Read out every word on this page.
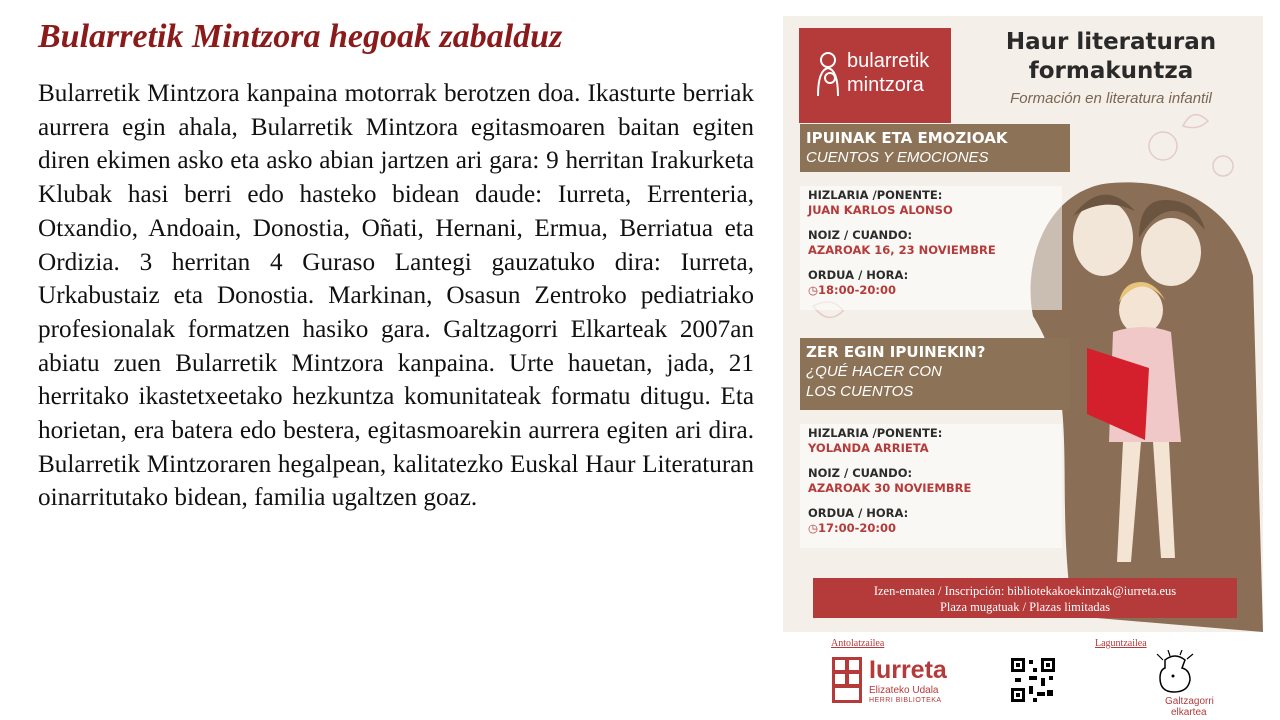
Bularretik Mintzora hegoak zabalduz

Bularretik Mintzora kanpaina motorrak berotzen doa. Ikasturte berriak aurrera egin ahala, Bularretik Mintzora egitasmoaren baitan egiten diren ekimen asko eta asko abian jartzen ari gara: 9 herritan Irakurketa Klubak hasi berri edo hasteko bidean daude: Iurreta, Errenteria, Otxandio, Andoain, Donostia, Oñati, Hernani, Ermua, Berriatua eta Ordizia. 3 herritan 4 Guraso Lantegi gauzatuko dira: Iurreta, Urkabustaiz eta Donostia. Markinan, Osasun Zentroko pediatriako profesionalak formatzen hasiko gara. Galtzagorri Elkarteak 2007an abiatu zuen Bularretik Mintzora kanpaina. Urte hauetan, jada, 21 herritako ikastetxeetako hezkuntza komunitateak formatu ditugu. Eta horietan, era batera edo bestera, egitasmoarekin aurrera egiten ari dira. Bularretik Mintzoraren hegalpean, kalitatezko Euskal Haur Literaturan oinarritutako bidean, familia ugaltzen goaz.

bularretik
mintzora
Haur literaturan
formakuntza
Formación en literatura infantil
IPUINAK ETA EMOZIOAK
CUENTOS Y EMOCIONES
HIZLARIA /PONENTE:
JUAN KARLOS ALONSO
NOIZ / CUANDO:
AZAROAK 16, 23 NOVIEMBRE
ORDUA / HORA:
◷18:00-20:00
ZER EGIN IPUINEKIN?
¿QUÉ HACER CON
LOS CUENTOS
HIZLARIA /PONENTE:
YOLANDA ARRIETA
NOIZ / CUANDO:
AZAROAK 30 NOVIEMBRE
ORDUA / HORA:
◷17:00-20:00
Izen-ematea / Inscripción: bibliotekakoekintzak@iurreta.eus
Plaza mugatuak / Plazas limitadas
Antolatzailea	Laguntzailea
Iurreta
Elizateko Udala
HERRI BIBLIOTEKA	Galtzagorri
elkartea
